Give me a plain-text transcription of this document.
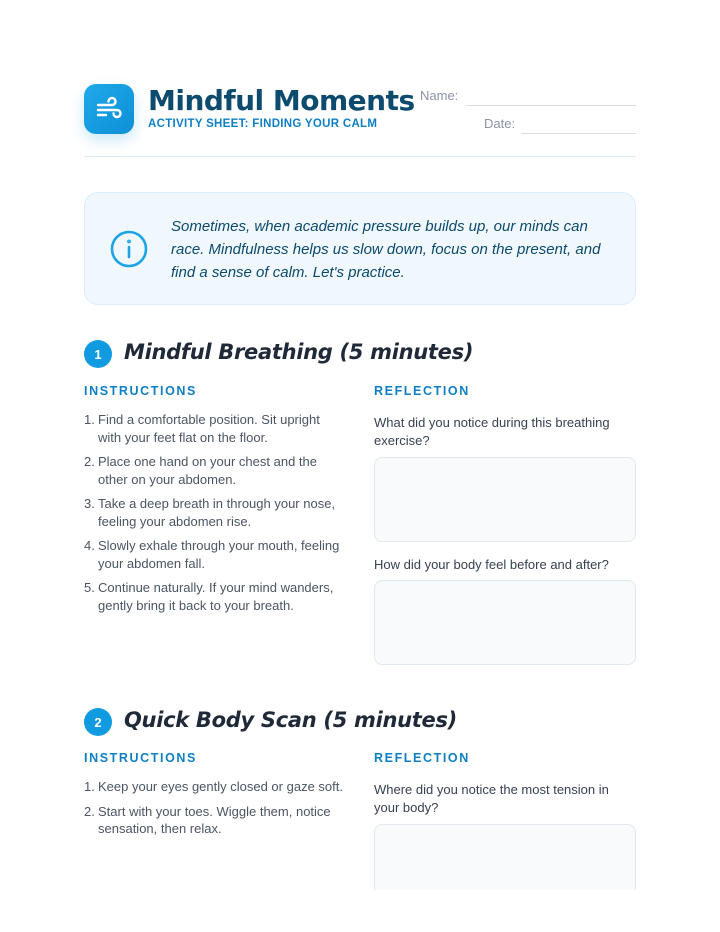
Mindful Moments
ACTIVITY SHEET: FINDING YOUR CALM
Name:
Date:
Sometimes, when academic pressure builds up, our minds can race. Mindfulness helps us slow down, focus on the present, and find a sense of calm. Let's practice.
1	Mindful Breathing (5 minutes)
INSTRUCTIONS	REFLECTION
1. Find a comfortable position. Sit upright with your feet flat on the floor.
2. Place one hand on your chest and the other on your abdomen.
3. Take a deep breath in through your nose, feeling your abdomen rise.
4. Slowly exhale through your mouth, feeling your abdomen fall.
5. Continue naturally. If your mind wanders, gently bring it back to your breath.
What did you notice during this breathing exercise?
How did your body feel before and after?
2	Quick Body Scan (5 minutes)
INSTRUCTIONS	REFLECTION
1. Keep your eyes gently closed or gaze soft.
2. Start with your toes. Wiggle them, notice sensation, then relax.
Where did you notice the most tension in your body?
